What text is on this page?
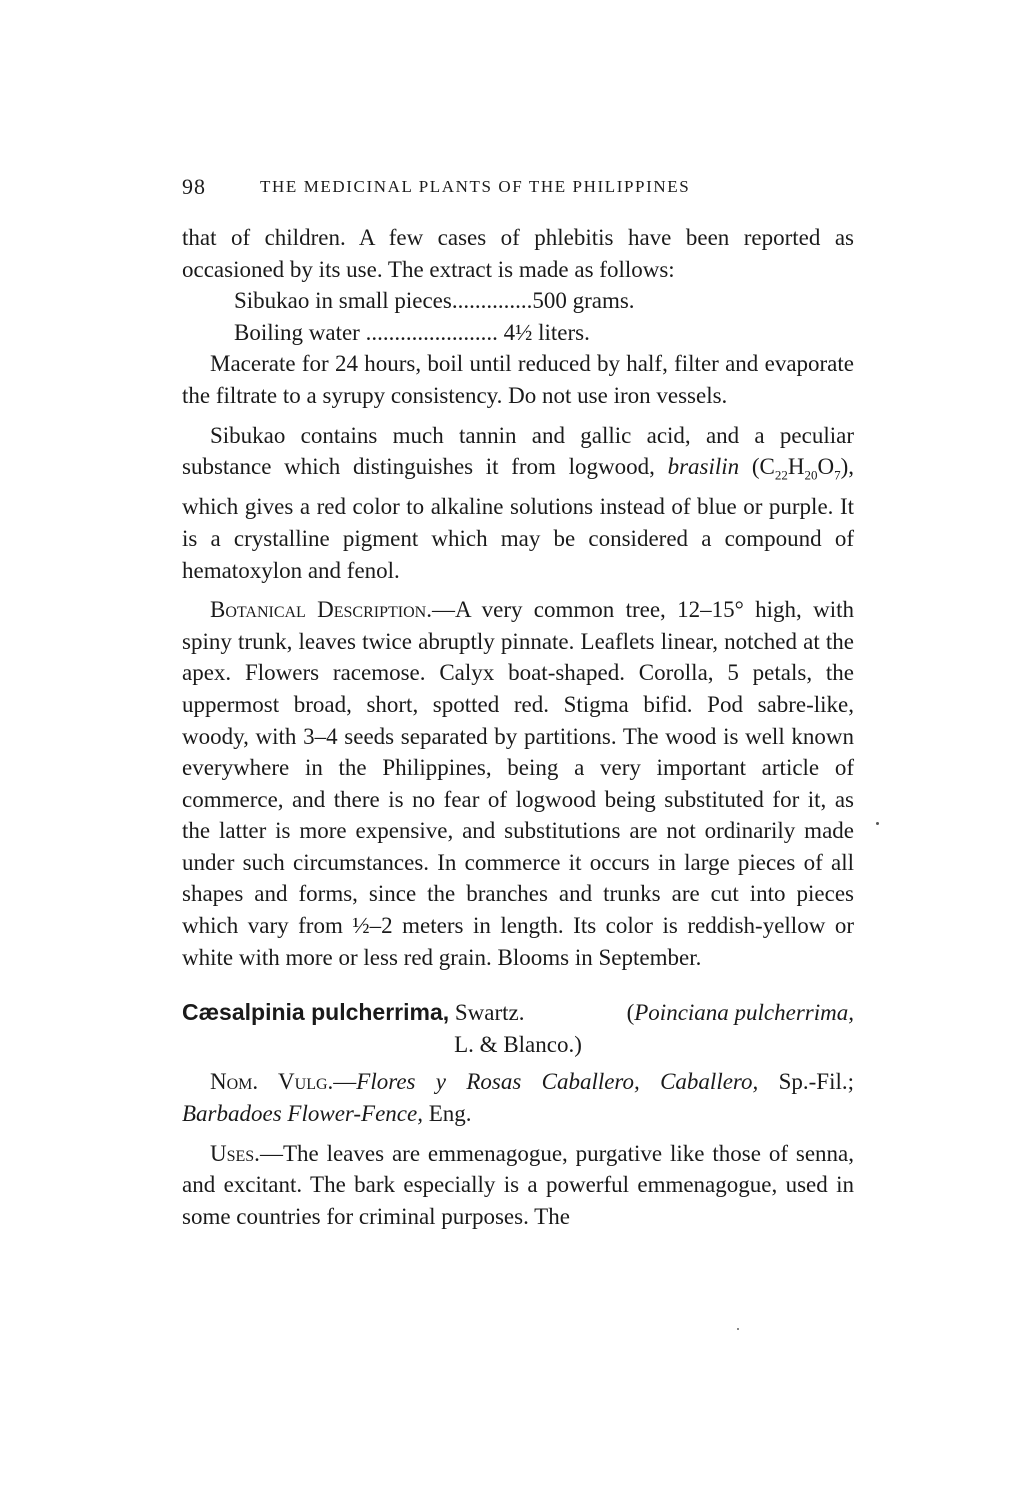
98	THE MEDICINAL PLANTS OF THE PHILIPPINES

that of children. A few cases of phlebitis have been reported as occasioned by its use. The extract is made as follows:

Sibukao in small pieces..............500 grams.
Boiling water ....................... 4½ liters.

Macerate for 24 hours, boil until reduced by half, filter and evaporate the filtrate to a syrupy consistency. Do not use iron vessels.

Sibukao contains much tannin and gallic acid, and a peculiar substance which distinguishes it from logwood, brasilin $(C_{22}H_{20}O_7)$, which gives a red color to alkaline solutions instead of blue or purple. It is a crystalline pigment which may be considered a compound of hematoxylon and fenol.

Botanical Description.—A very common tree, 12–15° high, with spiny trunk, leaves twice abruptly pinnate. Leaflets linear, notched at the apex. Flowers racemose. Calyx boat-shaped. Corolla, 5 petals, the uppermost broad, short, spotted red. Stigma bifid. Pod sabre-like, woody, with 3–4 seeds separated by partitions. The wood is well known everywhere in the Philippines, being a very important article of commerce, and there is no fear of logwood being substituted for it, as the latter is more expensive, and substitutions are not ordinarily made under such circumstances. In commerce it occurs in large pieces of all shapes and forms, since the branches and trunks are cut into pieces which vary from ½–2 meters in length. Its color is reddish-yellow or white with more or less red grain. Blooms in September.

Cæsalpinia pulcherrima, Swartz.	(Poinciana pulcherrima,
L. & Blanco.)

Nom. Vulg.—Flores y Rosas Caballero, Caballero, Sp.-Fil.; Barbadoes Flower-Fence, Eng.

Uses.—The leaves are emmenagogue, purgative like those of senna, and excitant. The bark especially is a powerful emmenagogue, used in some countries for criminal purposes. The
